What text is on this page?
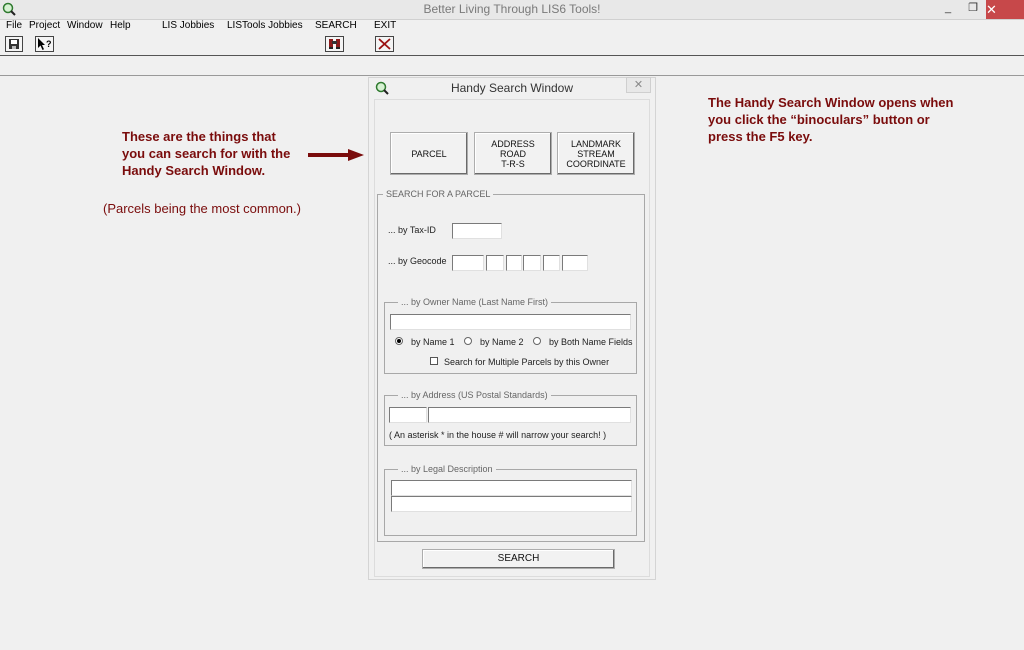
Better Living Through LIS6 Tools!	_	❐ ✕
File Project Window Help	LIS Jobbies LISTools Jobbies SEARCH EXIT
?
These are the things that
you can search for with the
Handy Search Window.
(Parcels being the most common.)
The Handy Search Window opens when
you click the “binoculars” button or
press the F5 key.
Handy Search Window	✕
PARCEL
ADDRESS
ROAD
T-R-S
LANDMARK
STREAM
COORDINATE
SEARCH FOR A PARCEL
... by Tax-ID
... by Geocode
... by Owner Name (Last Name First)
by Name 1	by Name 2	by Both Name Fields
Search for Multiple Parcels by this Owner
... by Address (US Postal Standards)
( An asterisk * in the house # will narrow your search! )
... by Legal Description
SEARCH
